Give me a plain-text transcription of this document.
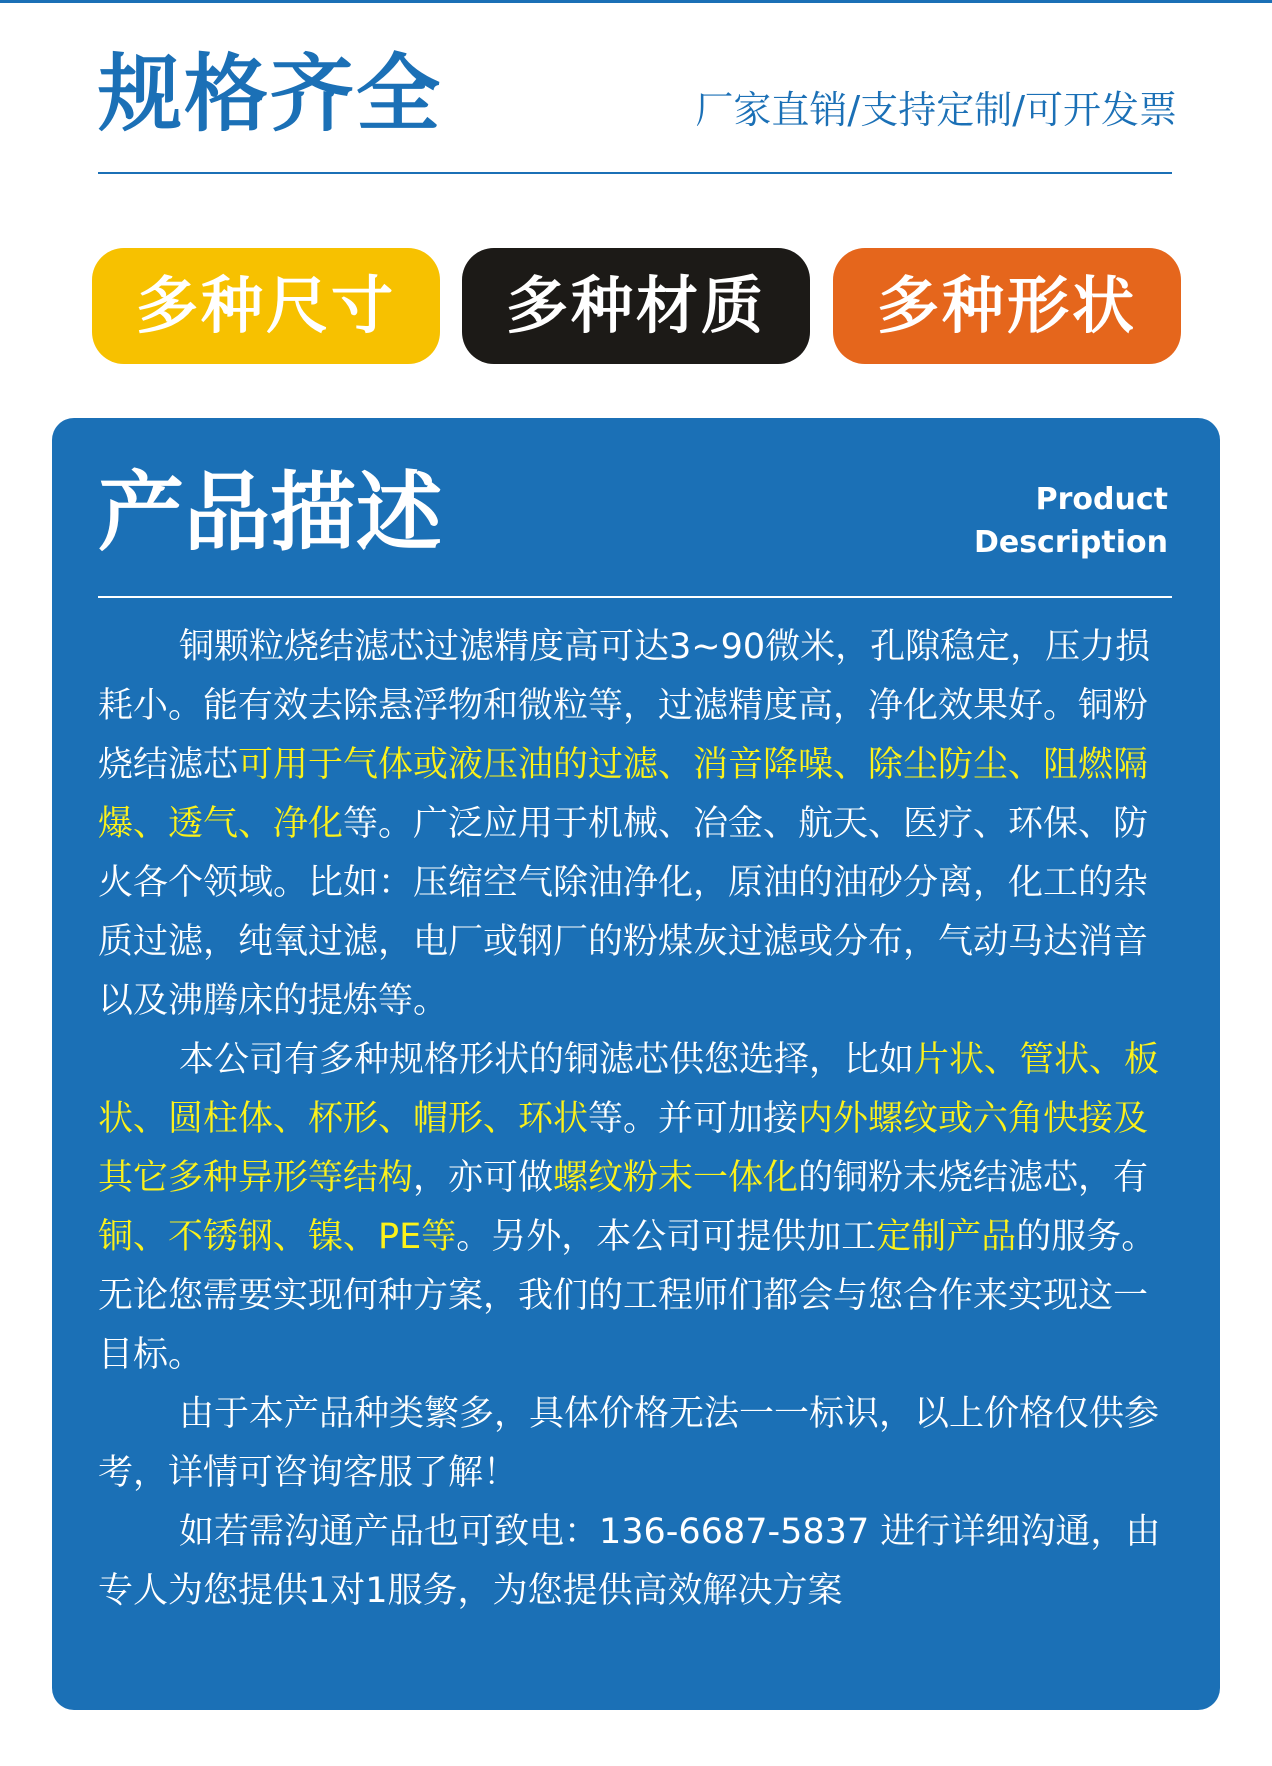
规格齐全	厂家直销/支持定制/可开发票
多种尺寸	多种材质	多种形状
产品描述	Product
Description

铜颗粒烧结滤芯过滤精度高可达3~90微米，孔隙稳定，压力损耗小。能有效去除悬浮物和微粒等，过滤精度高，净化效果好。铜粉烧结滤芯可用于气体或液压油的过滤、消音降噪、除尘防尘、阻燃隔爆、透气、净化等。广泛应用于机械、冶金、航天、医疗、环保、防火各个领域。比如：压缩空气除油净化，原油的油砂分离，化工的杂质过滤，纯氧过滤，电厂或钢厂的粉煤灰过滤或分布，气动马达消音以及沸腾床的提炼等。

本公司有多种规格形状的铜滤芯供您选择，比如片状、管状、板状、圆柱体、杯形、帽形、环状等。并可加接内外螺纹或六角快接及其它多种异形等结构，亦可做螺纹粉末一体化的铜粉末烧结滤芯，有铜、不锈钢、镍、PE等。另外，本公司可提供加工定制产品的服务。无论您需要实现何种方案，我们的工程师们都会与您合作来实现这一目标。

由于本产品种类繁多，具体价格无法一一标识，以上价格仅供参考，详情可咨询客服了解！

如若需沟通产品也可致电：136-6687-5837 进行详细沟通，由专人为您提供1对1服务，为您提供高效解决方案
